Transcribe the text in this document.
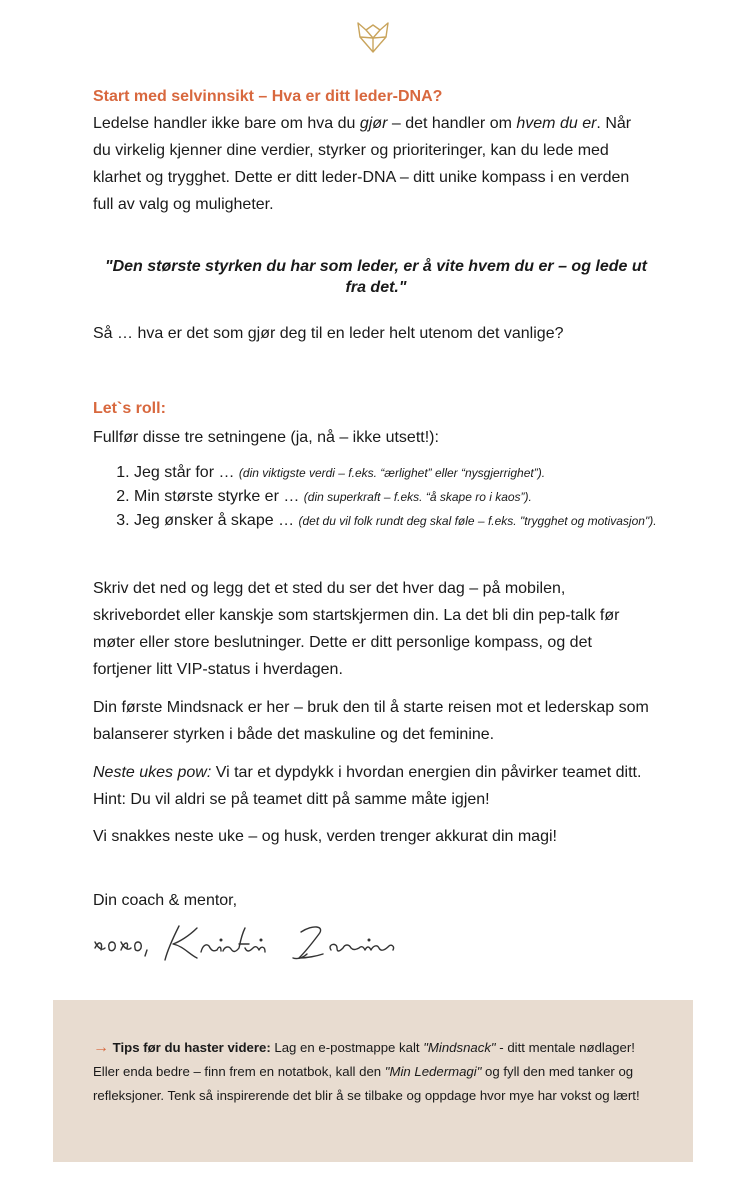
Start med selvinnsikt – Hva er ditt leder-DNA?

Ledelse handler ikke bare om hva du gjør – det handler om hvem du er. Når du virkelig kjenner dine verdier, styrker og prioriteringer, kan du lede med klarhet og trygghet. Dette er ditt leder-DNA – ditt unike kompass i en verden full av valg og muligheter.

"Den største styrken du har som leder, er å vite hvem du er – og lede ut fra det."

Så … hva er det som gjør deg til en leder helt utenom det vanlige?

Let`s roll:

Fullfør disse tre setningene (ja, nå – ikke utsett!):

1. Jeg står for … (din viktigste verdi – f.eks. “ærlighet” eller “nysgjerrighet”).
2. Min største styrke er … (din superkraft – f.eks. “å skape ro i kaos”).
3. Jeg ønsker å skape … (det du vil folk rundt deg skal føle – f.eks. "trygghet og motivasjon").

Skriv det ned og legg det et sted du ser det hver dag – på mobilen, skrivebordet eller kanskje som startskjermen din. La det bli din pep-talk før møter eller store beslutninger. Dette er ditt personlige kompass, og det fortjener litt VIP-status i hverdagen.

Din første Mindsnack er her – bruk den til å starte reisen mot et lederskap som balanserer styrken i både det maskuline og det feminine.

Neste ukes pow: Vi tar et dypdykk i hvordan energien din påvirker teamet ditt. Hint: Du vil aldri se på teamet ditt på samme måte igjen!

Vi snakkes neste uke – og husk, verden trenger akkurat din magi!

Din coach & mentor,

→ Tips før du haster videre: Lag en e-postmappe kalt "Mindsnack" - ditt mentale nødlager! Eller enda bedre – finn frem en notatbok, kall den "Min Ledermagi" og fyll den med tanker og refleksjoner. Tenk så inspirerende det blir å se tilbake og oppdage hvor mye har vokst og lært!
